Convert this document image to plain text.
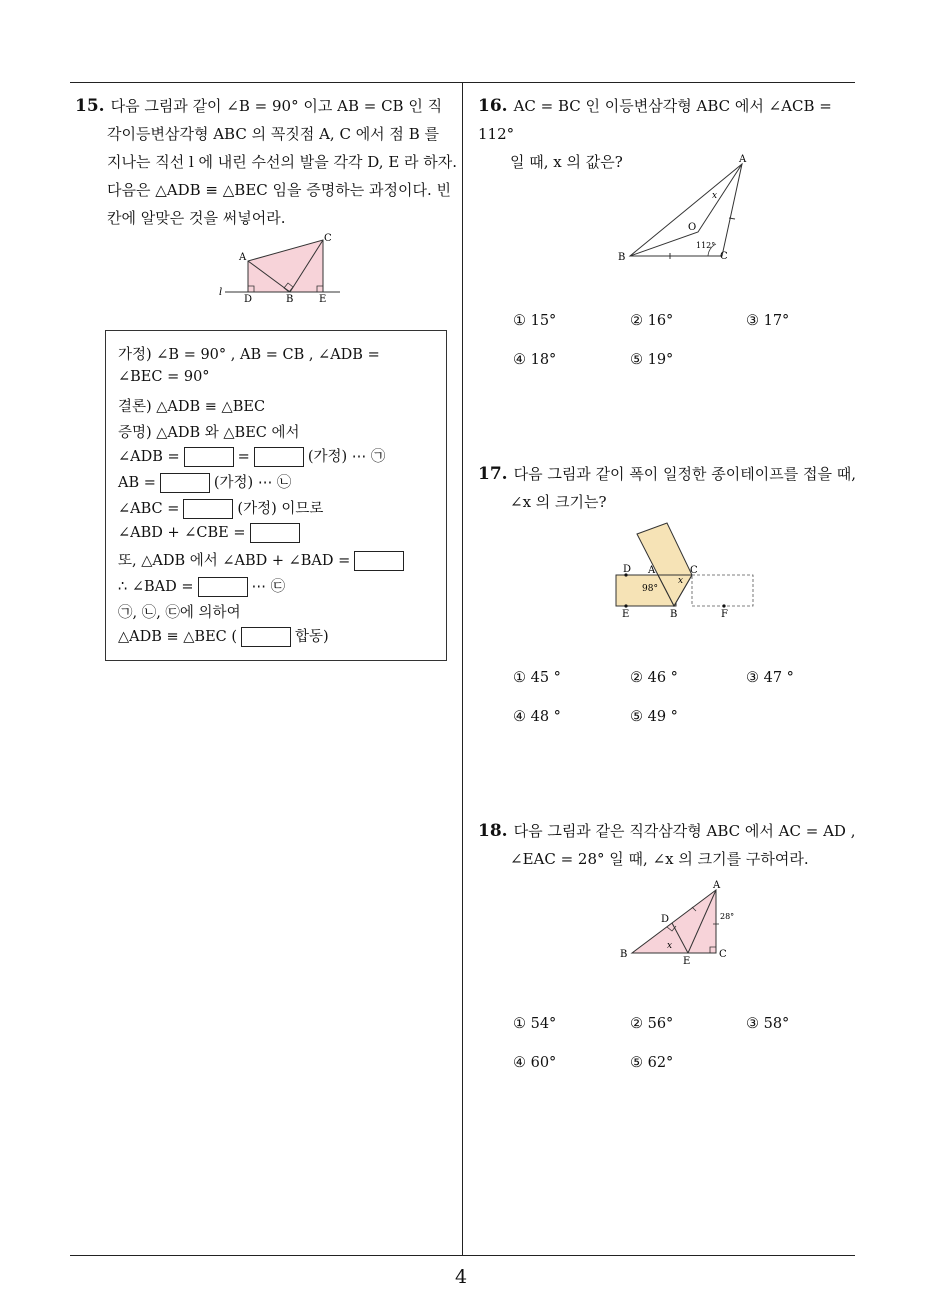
15. 다음 그림과 같이 ∠B = 90° 이고 AB = CB 인 직
각이등변삼각형 ABC 의 꼭짓점 A, C 에서 점 B 를
지나는 직선 l 에 내린 수선의 발을 각각 D, E 라 하자.
다음은 △ADB ≡ △BEC 임을 증명하는 과정이다. 빈
칸에 알맞은 것을 써넣어라.
A
C
D	B	E
l
가정) ∠B = 90° , AB = CB , ∠ADB =
∠BEC = 90°
결론) △ADB ≡ △BEC
증명) △ADB 와 △BEC 에서
∠ADB =	=	(가정) ⋯ ㉠
AB =	(가정) ⋯ ㉡
∠ABC =	(가정) 이므로
∠ABD + ∠CBE =
또, △ADB 에서 ∠ABD + ∠BAD =
∴ ∠BAD =	⋯ ㉢
㉠, ㉡, ㉢에 의하여
△ADB ≡ △BEC (	합동)
16. AC = BC 인 이등변삼각형 ABC 에서 ∠ACB = 112°
일 때, x 의 값은?	A
B	C
O
x
112°
① 15°	② 16°	③ 17°
④ 18°	⑤ 19°
17. 다음 그림과 같이 폭이 일정한 종이테이프를 접을 때,
∠x 의 크기는?
D A	C
E	B	F
98°
x
① 45 °	② 46 °	③ 47 °
④ 48 °	⑤ 49 °
18. 다음 그림과 같은 직각삼각형 ABC 에서 AC = AD ,
∠EAC = 28° 일 때, ∠x 의 크기를 구하여라.
A
B	C
D
E
x
28°
① 54°	② 56°	③ 58°
④ 60°	⑤ 62°
4
